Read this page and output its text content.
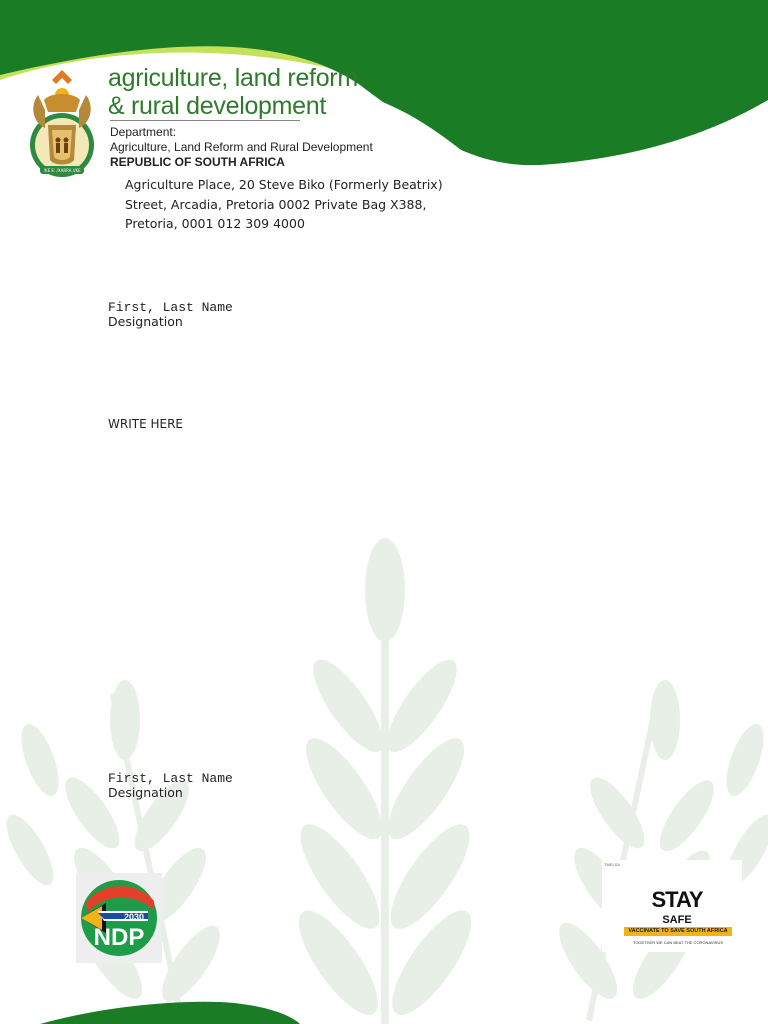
!KE E: /XARRA //KE
agriculture, land reform
& rural development
Department:
Agriculture, Land Reform and Rural Development
REPUBLIC OF SOUTH AFRICA
Agriculture Place, 20 Steve Biko (Formerly Beatrix)
Street, Arcadia, Pretoria 0002 Private Bag X388,
Pretoria, 0001 012 309 4000
First, Last Name
Designation
WRITE HERE
First, Last Name
Designation
2030
NDP
TMELSA
STAY
SAFE
VACCINATE TO SAVE SOUTH AFRICA
TOGETHER WE CAN BEAT THE CORONAVIRUS
